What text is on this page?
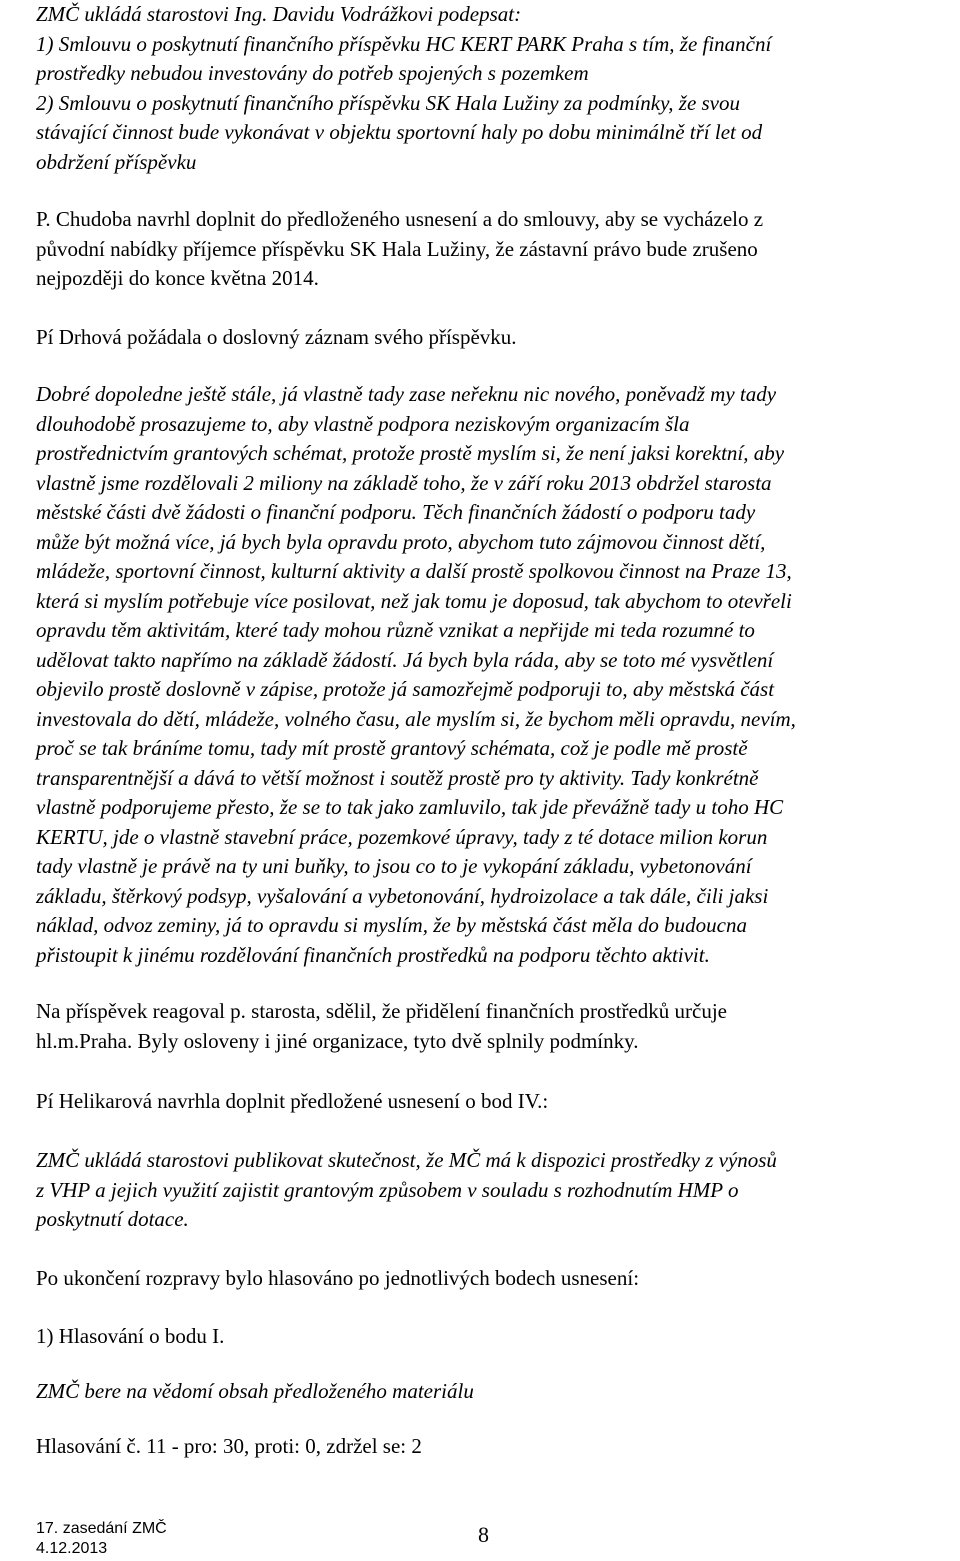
ZMČ ukládá starostovi Ing. Davidu Vodrážkovi podepsat:
1) Smlouvu o poskytnutí finančního příspěvku HC KERT PARK Praha s tím, že finanční
prostředky nebudou investovány do potřeb spojených s pozemkem
2) Smlouvu o poskytnutí finančního příspěvku SK Hala Lužiny za podmínky, že svou
stávající činnost bude vykonávat v objektu sportovní haly po dobu minimálně tří let od
obdržení příspěvku
P. Chudoba navrhl doplnit do předloženého usnesení a do smlouvy, aby se vycházelo z
původní nabídky příjemce příspěvku SK Hala Lužiny, že zástavní právo bude zrušeno
nejpozději do konce května 2014.
Pí Drhová požádala o doslovný záznam svého příspěvku.
Dobré dopoledne ještě stále, já vlastně tady zase neřeknu nic nového, poněvadž my tady
dlouhodobě prosazujeme to, aby vlastně podpora neziskovým organizacím šla
prostřednictvím grantových schémat, protože prostě myslím si, že není jaksi korektní, aby
vlastně jsme rozdělovali 2 miliony na základě toho, že v září roku 2013 obdržel starosta
městské části dvě žádosti o finanční podporu. Těch finančních žádostí o podporu tady
může být možná více, já bych byla opravdu proto, abychom tuto zájmovou činnost dětí,
mládeže, sportovní činnost, kulturní aktivity a další prostě spolkovou činnost na Praze 13,
která si myslím potřebuje více posilovat, než jak tomu je doposud, tak abychom to otevřeli
opravdu těm aktivitám, které tady mohou různě vznikat a nepřijde mi teda rozumné to
udělovat takto napřímo na základě žádostí. Já bych byla ráda, aby se toto mé vysvětlení
objevilo prostě doslovně v zápise, protože já samozřejmě podporuji to, aby městská část
investovala do dětí, mládeže, volného času, ale myslím si, že bychom měli opravdu, nevím,
proč se tak bráníme tomu, tady mít prostě grantový schémata, což je podle mě prostě
transparentnější a dává to větší možnost i soutěž prostě pro ty aktivity. Tady konkrétně
vlastně podporujeme přesto, že se to tak jako zamluvilo, tak jde převážně tady u toho HC
KERTU, jde o vlastně stavební práce, pozemkové úpravy, tady z té dotace milion korun
tady vlastně je právě na ty uni buňky, to jsou co to je vykopání základu, vybetonování
základu, štěrkový podsyp, vyšalování a vybetonování, hydroizolace a tak dále, čili jaksi
náklad, odvoz zeminy, já to opravdu si myslím, že by městská část měla do budoucna
přistoupit k jinému rozdělování finančních prostředků na podporu těchto aktivit.
Na příspěvek reagoval p. starosta, sdělil, že přidělení finančních prostředků určuje
hl.m.Praha. Byly osloveny i jiné organizace, tyto dvě splnily podmínky.
Pí Helikarová navrhla doplnit předložené usnesení o bod IV.:
ZMČ ukládá starostovi publikovat skutečnost, že MČ má k dispozici prostředky z výnosů
z VHP a jejich využití zajistit grantovým způsobem v souladu s rozhodnutím HMP o
poskytnutí dotace.
Po ukončení rozpravy bylo hlasováno po jednotlivých bodech usnesení:
1) Hlasování o bodu I.
ZMČ bere na vědomí obsah předloženého materiálu
Hlasování č. 11 - pro: 30, proti: 0, zdržel se: 2
17. zasedání ZMČ
4.12.2013
8
